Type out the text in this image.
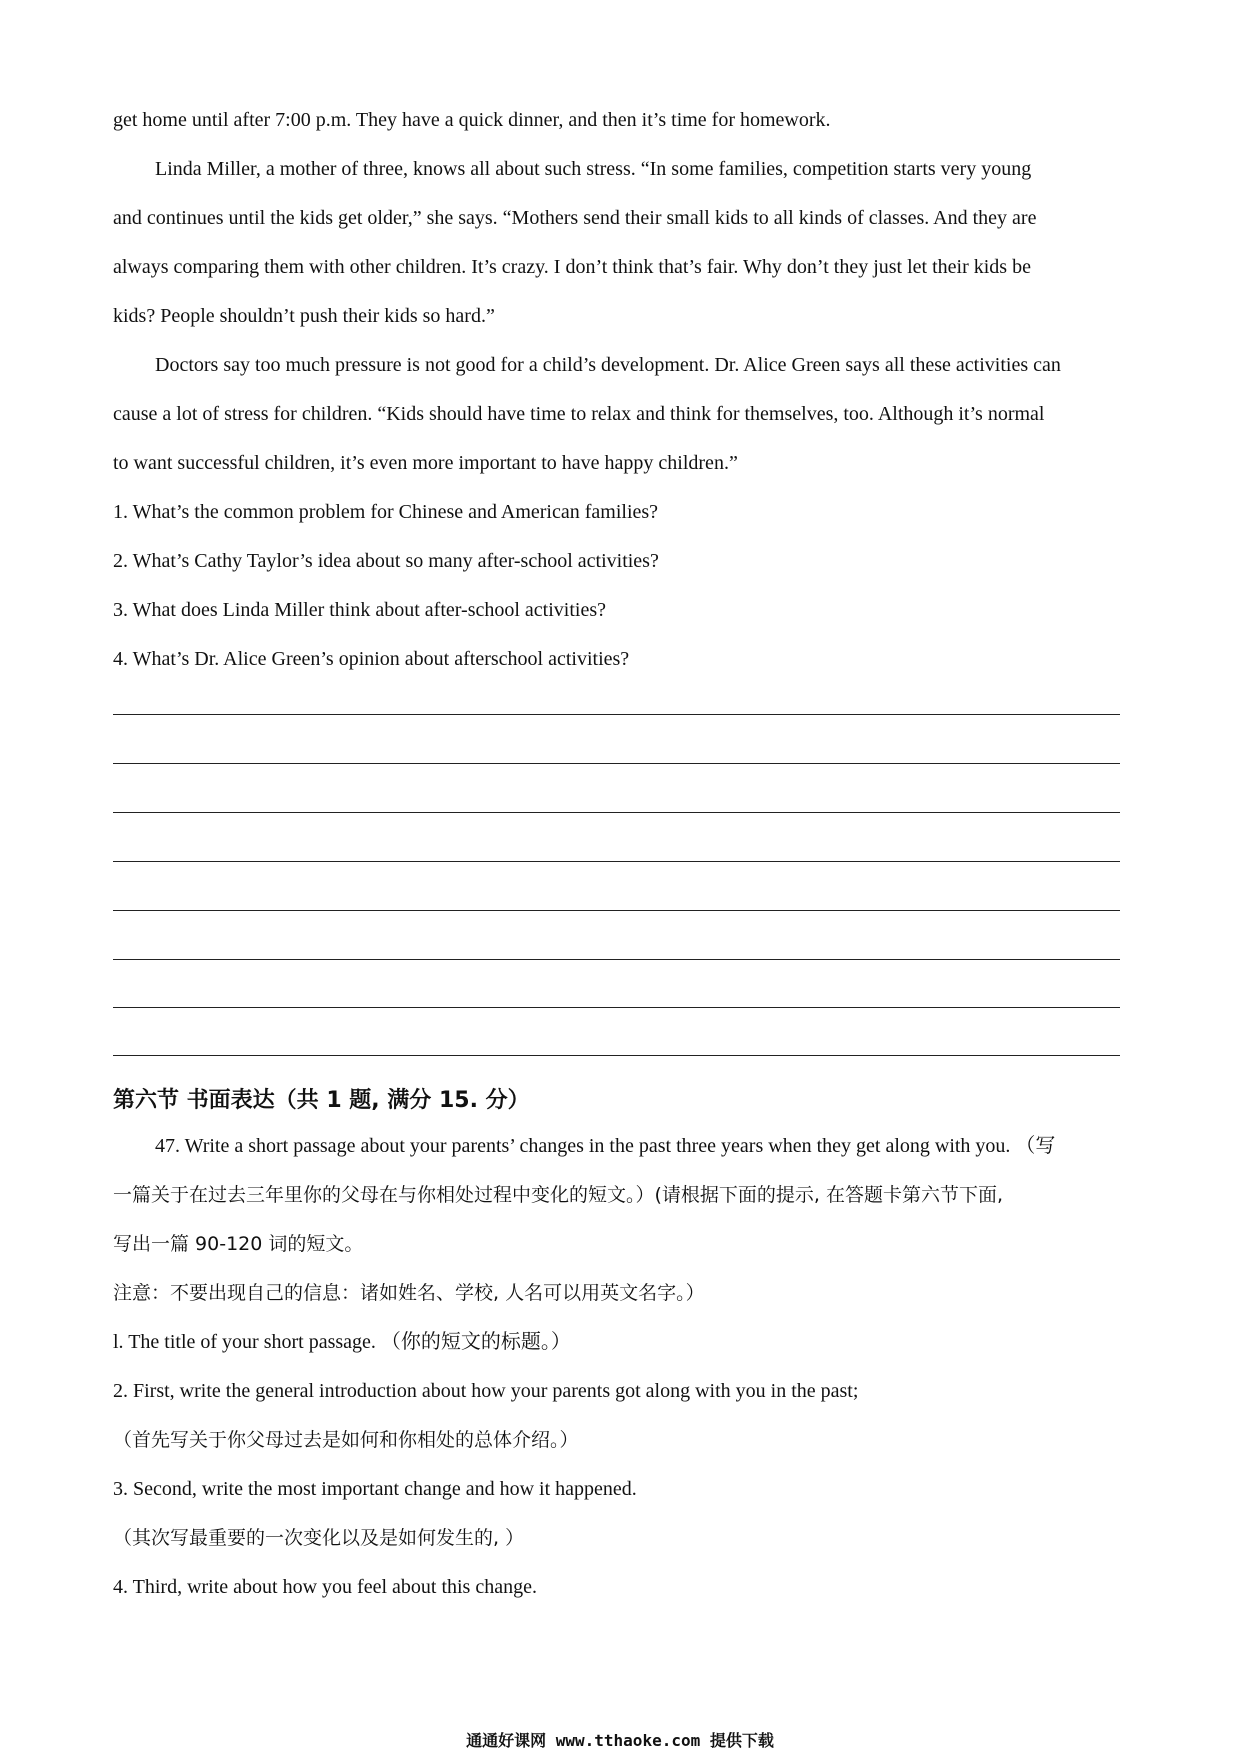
get home until after 7:00 p.m. They have a quick dinner, and then it’s time for homework.
Linda Miller, a mother of three, knows all about such stress. “In some families, competition starts very young
and continues until the kids get older,” she says. “Mothers send their small kids to all kinds of classes. And they are
always comparing them with other children. It’s crazy. I don’t think that’s fair. Why don’t they just let their kids be
kids? People shouldn’t push their kids so hard.”
Doctors say too much pressure is not good for a child’s development. Dr. Alice Green says all these activities can
cause a lot of stress for children. “Kids should have time to relax and think for themselves, too. Although it’s normal
to want successful children, it’s even more important to have happy children.”
1. What’s the common problem for Chinese and American families?
2. What’s Cathy Taylor’s idea about so many after-school activities?
3. What does Linda Miller think about after-school activities?
4. What’s Dr. Alice Green’s opinion about afterschool activities?
第六节 书面表达（共 1 题, 满分 15. 分）
47. Write a short passage about your parents’ changes in the past three years when they get along with you. （写
一篇关于在过去三年里你的父母在与你相处过程中变化的短文。）(请根据下面的提示, 在答题卡第六节下面,
写出一篇 90-120 词的短文。
注意：不要出现自己的信息：诸如姓名、学校, 人名可以用英文名字。）
l. The title of your short passage. （你的短文的标题。）
2. First, write the general introduction about how your parents got along with you in the past;
（首先写关于你父母过去是如何和你相处的总体介绍。）
3. Second, write the most important change and how it happened.
（其次写最重要的一次变化以及是如何发生的, ）
4. Third, write about how you feel about this change.
通通好课网 www.tthaoke.com 提供下载
